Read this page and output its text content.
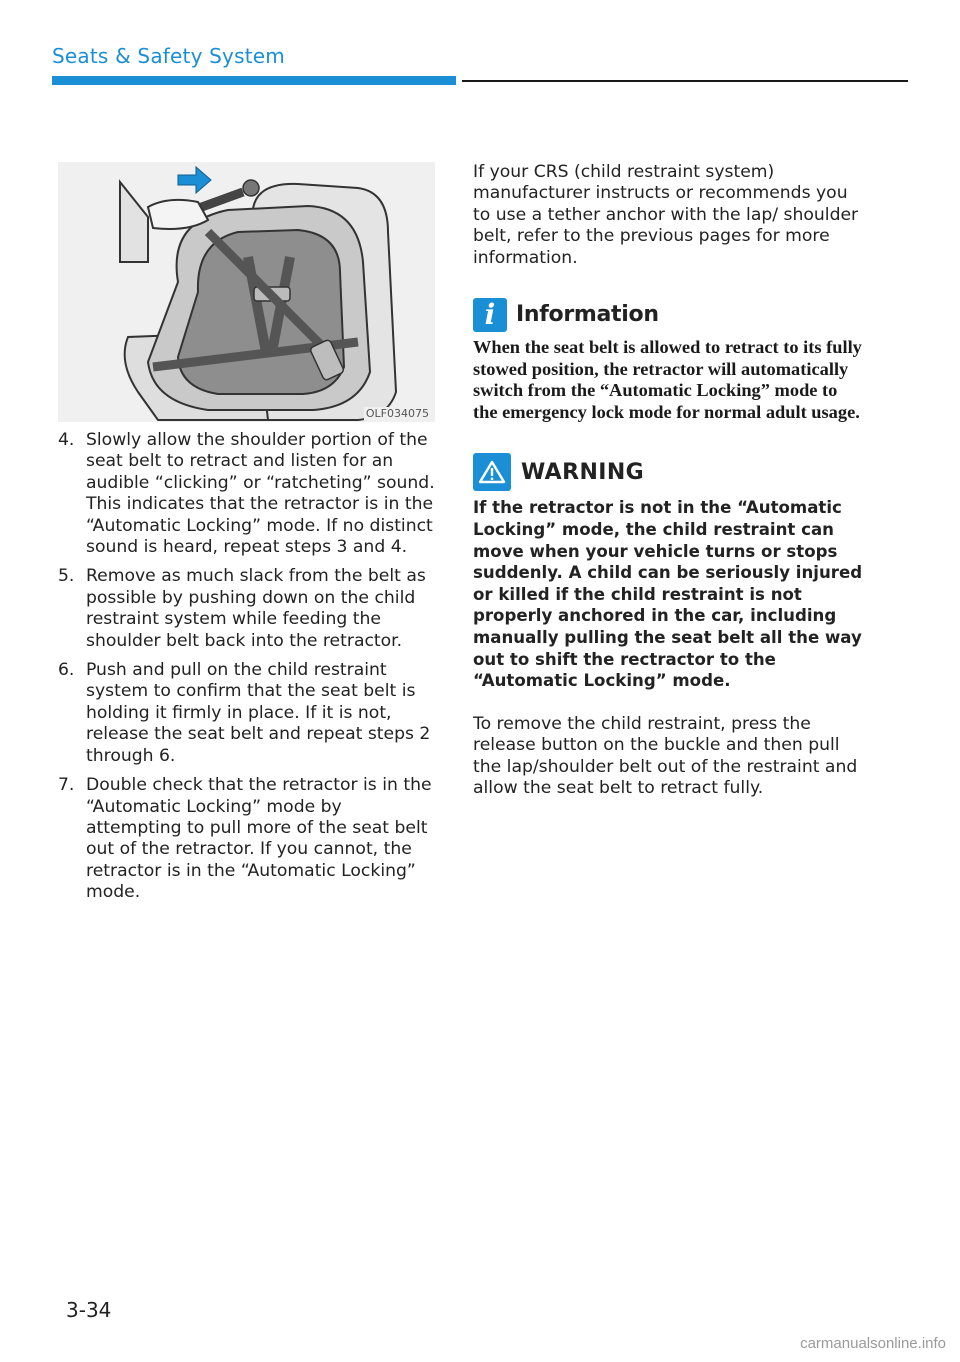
Seats & Safety System
OLF034075
4. Slowly allow the shoulder portion of the seat belt to retract and listen for an audible “clicking” or “ratcheting” sound. This indicates that the retractor is in the “Automatic Locking” mode. If no distinct sound is heard, repeat steps 3 and 4.
5. Remove as much slack from the belt as possible by pushing down on the child restraint system while feeding the shoulder belt back into the retractor.
6. Push and pull on the child restraint system to confirm that the seat belt is holding it firmly in place. If it is not, release the seat belt and repeat steps 2 through 6.
7. Double check that the retractor is in the “Automatic Locking” mode by attempting to pull more of the seat belt out of the retractor. If you cannot, the retractor is in the “Automatic Locking” mode.

If your CRS (child restraint system) manufacturer instructs or recommends you to use a tether anchor with the lap/ shoulder belt, refer to the previous pages for more information.

i Information
When the seat belt is allowed to retract to its fully stowed position, the retractor will automatically switch from the “Automatic Locking” mode to the emergency lock mode for normal adult usage.
WARNING
If the retractor is not in the “Automatic Locking” mode, the child restraint can move when your vehicle turns or stops suddenly. A child can be seriously injured or killed if the child restraint is not properly anchored in the car, including manually pulling the seat belt all the way out to shift the rectractor to the “Automatic Locking” mode.

To remove the child restraint, press the release button on the buckle and then pull the lap/shoulder belt out of the restraint and allow the seat belt to retract fully.

3-34
carmanualsonline.info
